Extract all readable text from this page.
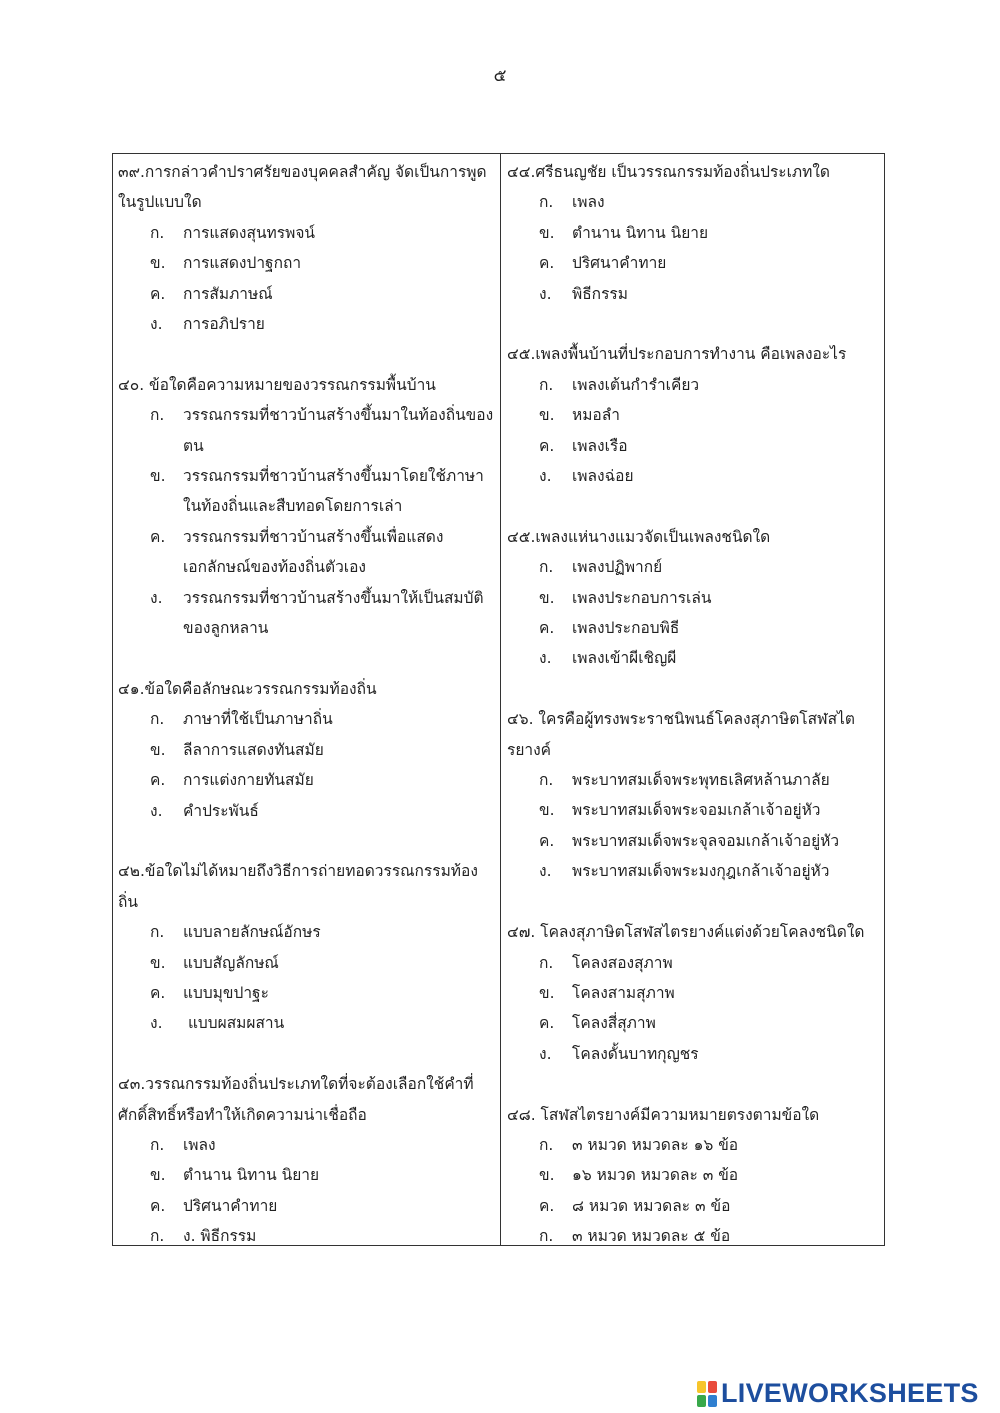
๕
๓๙.การกล่าวคำปราศรัยของบุคคลสำคัญ จัดเป็นการพูดในรูปแบบใด
ก.	การแสดงสุนทรพจน์
ข.	การแสดงปาฐกถา
ค.	การสัมภาษณ์
ง.	การอภิปราย
๔๐. ข้อใดคือความหมายของวรรณกรรมพื้นบ้าน
ก.	วรรณกรรมที่ชาวบ้านสร้างขึ้นมาในท้องถิ่นของตน
ข.	วรรณกรรมที่ชาวบ้านสร้างขึ้นมาโดยใช้ภาษาในท้องถิ่นและสืบทอดโดยการเล่า
ค.	วรรณกรรมที่ชาวบ้านสร้างขึ้นเพื่อแสดงเอกลักษณ์ของท้องถิ่นตัวเอง
ง.	วรรณกรรมที่ชาวบ้านสร้างขึ้นมาให้เป็นสมบัติของลูกหลาน
๔๑.ข้อใดคือลักษณะวรรณกรรมท้องถิ่น
ก.	ภาษาที่ใช้เป็นภาษาถิ่น
ข.	ลีลาการแสดงทันสมัย
ค.	การแต่งกายทันสมัย
ง.	คำประพันธ์
๔๒.ข้อใดไม่ได้หมายถึงวิธีการถ่ายทอดวรรณกรรมท้องถิ่น
ก.	แบบลายลักษณ์อักษร
ข.	แบบสัญลักษณ์
ค.	แบบมุขปาฐะ
ง.	แบบผสมผสาน
๔๓.วรรณกรรมท้องถิ่นประเภทใดที่จะต้องเลือกใช้คำที่ศักดิ์สิทธิ์หรือทำให้เกิดความน่าเชื่อถือ
ก.	เพลง
ข.	ตำนาน นิทาน นิยาย
ค.	ปริศนาคำทาย
ก.	ง. พิธีกรรม
๔๔.ศรีธนญชัย เป็นวรรณกรรมท้องถิ่นประเภทใด
ก.	เพลง
ข.	ตำนาน นิทาน นิยาย
ค.	ปริศนาคำทาย
ง.	พิธีกรรม
๔๕.เพลงพื้นบ้านที่ประกอบการทำงาน คือเพลงอะไร
ก.	เพลงเต้นกำรำเคียว
ข.	หมอลำ
ค.	เพลงเรือ
ง.	เพลงฉ่อย
๔๕.เพลงแห่นางแมวจัดเป็นเพลงชนิดใด
ก.	เพลงปฏิพากย์
ข.	เพลงประกอบการเล่น
ค.	เพลงประกอบพิธี
ง.	เพลงเข้าผีเชิญผี
๔๖. ใครคือผู้ทรงพระราชนิพนธ์โคลงสุภาษิตโสฬสไตรยางค์
ก.	พระบาทสมเด็จพระพุทธเลิศหล้านภาลัย
ข.	พระบาทสมเด็จพระจอมเกล้าเจ้าอยู่หัว
ค.	พระบาทสมเด็จพระจุลจอมเกล้าเจ้าอยู่หัว
ง.	พระบาทสมเด็จพระมงกุฎเกล้าเจ้าอยู่หัว
๔๗. โคลงสุภาษิตโสฬสไตรยางค์แต่งด้วยโคลงชนิดใด
ก.	โคลงสองสุภาพ
ข.	โคลงสามสุภาพ
ค.	โคลงสี่สุภาพ
ง.	โคลงดั้นบาทกุญชร
๔๘. โสฬสไตรยางค์มีความหมายตรงตามข้อใด
ก.	๓ หมวด หมวดละ ๑๖ ข้อ
ข.	๑๖ หมวด หมวดละ ๓ ข้อ
ค.	๘ หมวด หมวดละ ๓ ข้อ
ก.	๓ หมวด หมวดละ ๕ ข้อ
LIVEWORKSHEETS
